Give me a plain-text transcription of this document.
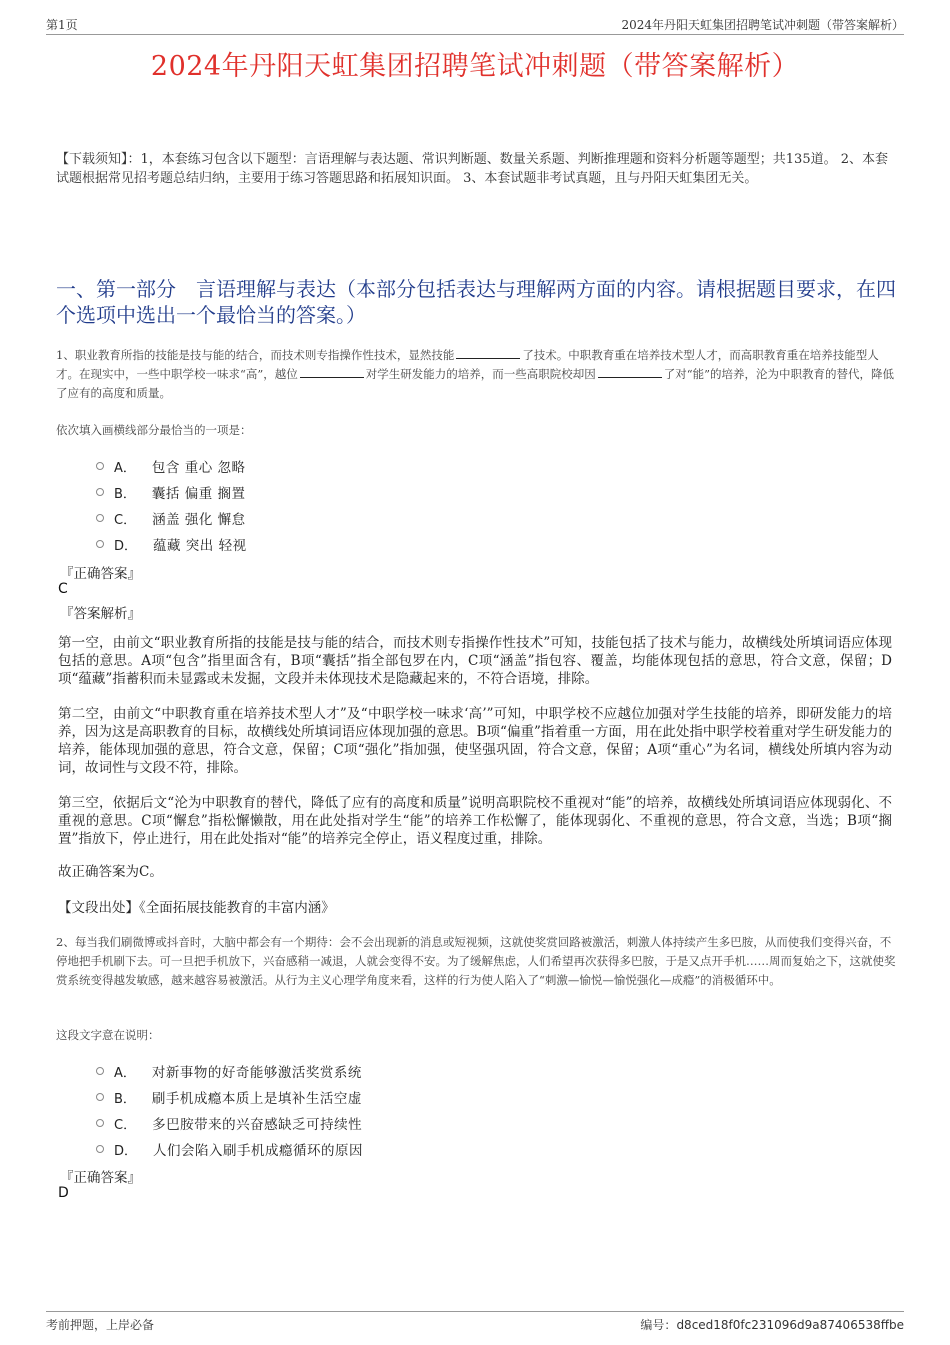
第1页	2024年丹阳天虹集团招聘笔试冲刺题（带答案解析）
2024年丹阳天虹集团招聘笔试冲刺题（带答案解析）
【下载须知】：1，本套练习包含以下题型：言语理解与表达题、常识判断题、数量关系题、判断推理题和资料分析题等题型；共135道。 2、本套试题根据常见招考题总结归纳，主要用于练习答题思路和拓展知识面。 3、本套试题非考试真题，且与丹阳天虹集团无关。
一、第一部分　言语理解与表达（本部分包括表达与理解两方面的内容。请根据题目要求，在四个选项中选出一个最恰当的答案。）
1、职业教育所指的技能是技与能的结合，而技术则专指操作性技术，显然技能	了技术。中职教育重在培养技术型人才，而高职教育重在培养技能型人才。在现实中，一些中职学校一味求“高”，越位	对学生研发能力的培养，而一些高职院校却因	了对“能”的培养，沦为中职教育的替代，降低了应有的高度和质量。
依次填入画横线部分最恰当的一项是：
A． 包含 重心 忽略
B． 囊括 偏重 搁置
C． 涵盖 强化 懈怠
D． 蕴藏 突出 轻视
『正确答案』
C
『答案解析』
第一空，由前文“职业教育所指的技能是技与能的结合，而技术则专指操作性技术”可知，技能包括了技术与能力，故横线处所填词语应体现包括的意思。A项“包含”指里面含有，B项“囊括”指全部包罗在内，C项“涵盖”指包容、覆盖，均能体现包括的意思，符合文意，保留；D项“蕴藏”指蓄积而未显露或未发掘，文段并未体现技术是隐藏起来的，不符合语境，排除。
第二空，由前文“中职教育重在培养技术型人才”及“中职学校一味求‘高’”可知，中职学校不应越位加强对学生技能的培养，即研发能力的培养，因为这是高职教育的目标，故横线处所填词语应体现加强的意思。B项“偏重”指着重一方面，用在此处指中职学校着重对学生研发能力的培养，能体现加强的意思，符合文意，保留；C项“强化”指加强，使坚强巩固，符合文意，保留；A项“重心”为名词，横线处所填内容为动词，故词性与文段不符，排除。
第三空，依据后文“沦为中职教育的替代，降低了应有的高度和质量”说明高职院校不重视对“能”的培养，故横线处所填词语应体现弱化、不重视的意思。C项“懈怠”指松懈懒散，用在此处指对学生“能”的培养工作松懈了，能体现弱化、不重视的意思，符合文意，当选；B项“搁置”指放下，停止进行，用在此处指对“能”的培养完全停止，语义程度过重，排除。
故正确答案为C。
【文段出处】《全面拓展技能教育的丰富内涵》
2、每当我们刷微博或抖音时，大脑中都会有一个期待：会不会出现新的消息或短视频，这就使奖赏回路被激活，刺激人体持续产生多巴胺，从而使我们变得兴奋，不停地把手机刷下去。可一旦把手机放下，兴奋感稍一减退，人就会变得不安。为了缓解焦虑，人们希望再次获得多巴胺，于是又点开手机……周而复始之下，这就使奖赏系统变得越发敏感，越来越容易被激活。从行为主义心理学角度来看，这样的行为使人陷入了“刺激—愉悦—愉悦强化—成瘾”的消极循环中。
这段文字意在说明：
A． 对新事物的好奇能够激活奖赏系统
B． 刷手机成瘾本质上是填补生活空虚
C． 多巴胺带来的兴奋感缺乏可持续性
D． 人们会陷入刷手机成瘾循环的原因
『正确答案』
D
考前押题，上岸必备	编号：d8ced18f0fc231096d9a87406538ffbe
